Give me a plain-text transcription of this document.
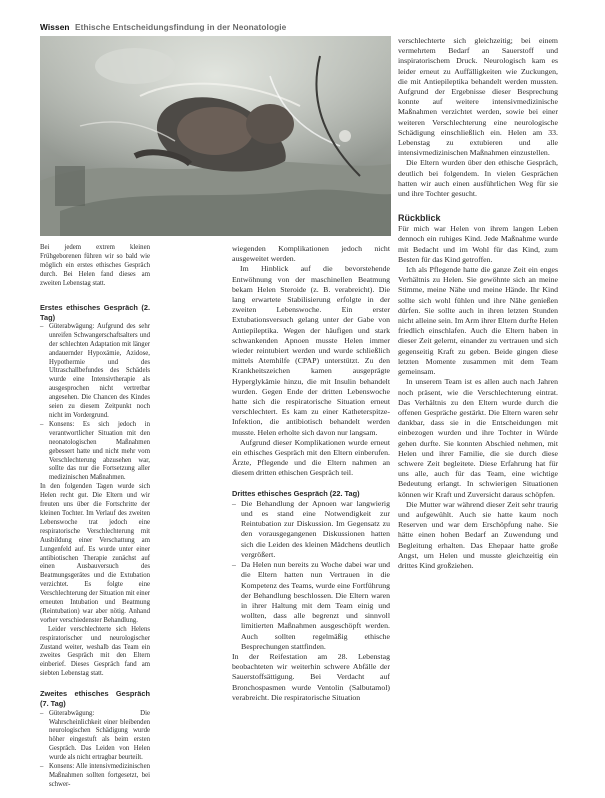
Wissen Ethische Entscheidungsfindung in der Neonatologie

Bei jedem extrem kleinen Frühgeborenen führen wir so bald wie möglich ein erstes ethisches Gespräch durch. Bei Helen fand dieses am zweiten Lebenstag statt.

Erstes ethisches Gespräch (2. Tag)
– Güterabwägung: Aufgrund des sehr unreifen Schwangerschaftsalters und der schlechten Adaptation mit länger andauernder Hypoxämie, Azidose, Hypothermie und des Ultraschallbefundes des Schädels wurde eine Intensivtherapie als ausgesprochen nicht vertretbar angesehen. Die Chancen des Kindes seien zu diesem Zeitpunkt noch nicht im Vordergrund.
– Konsens: Es sich jedoch in verantwortlicher Situation mit den neonatologischen Maßnahmen gebessert hatte und nicht mehr vom Verschlechterung abzusehen war, sollte das nur die Fortsetzung aller medizinischen Maßnahmen.

In den folgenden Tagen wurde sich Helen recht gut. Die Eltern und wir freuten uns über die Fortschritte der kleinen Tochter. Im Verlauf des zweiten Lebenswoche trat jedoch eine respiratorische Verschlechterung mit Ausbildung einer Verschattung am Lungenfeld auf. Es wurde unter einer antibiotischen Therapie zunächst auf einen Ausbauversuch des Beatmungsgerätes und die Extubation verzichtet. Es folgte eine Verschlechterung der Situation mit einer erneuten Intubation und Beatmung (Reintubation) war aber nötig. Anhand vorher verschiedenster Behandlung.

Leider verschlechterte sich Helens respiratorischer und neurologischer Zustand weiter, weshalb das Team ein zweites Gespräch mit den Eltern einberief. Dieses Gespräch fand am siebten Lebenstag statt.

Zweites ethisches Gespräch (7. Tag)
– Güterabwägung: Die Wahrscheinlichkeit einer bleibenden neurologischen Schädigung wurde höher eingestuft als beim ersten Gespräch. Das Leiden von Helen wurde als nicht ertragbar beurteilt.
– Konsens: Alle intensivmedizinischen Maßnahmen sollten fortgesetzt, bei schwer-

wiegenden Komplikationen jedoch nicht ausgeweitet werden.

Im Hinblick auf die bevorstehende Entwöhnung von der maschinellen Beatmung bekam Helen Steroide (z. B. verabreicht). Die lang erwartete Stabilisierung erfolgte in der zweiten Lebenswoche. Ein erster Extubationsversuch gelang unter der Gabe von Antiepileptika. Wegen der häufigen und stark schwankenden Apnoen musste Helen immer wieder reintubiert werden und wurde schließlich mittels Atemhilfe (CPAP) unterstützt. Zu den Krankheitszeichen kamen ausgeprägte Hyperglykämie hinzu, die mit Insulin behandelt wurden. Gegen Ende der dritten Lebenswoche hatte sich die respiratorische Situation erneut verschlechtert. Es kam zu einer Katheterspitze-Infektion, die antibiotisch behandelt werden musste. Helen erholte sich davon nur langsam.

Aufgrund dieser Komplikationen wurde erneut ein ethisches Gespräch mit den Eltern einberufen. Ärzte, Pflegende und die Eltern nahmen an diesem dritten ethischen Gespräch teil.

Drittes ethisches Gespräch (22. Tag)
– Die Behandlung der Apnoen war langwierig und es stand eine Notwendigkeit zur Reintubation zur Diskussion. Im Gegensatz zu den vorausgegangenen Diskussionen hatten sich die Leiden des kleinen Mädchens deutlich vergrößert.
– Da Helen nun bereits zu Woche dabei war und die Eltern hatten nun Vertrauen in die Kompetenz des Teams, wurde eine Fortführung der Behandlung beschlossen. Die Eltern waren in ihrer Haltung mit dem Team einig und wollten, dass alle begrenzt und sinnvoll limitierten Maßnahmen ausgeschöpft werden. Auch sollten regelmäßig ethische Besprechungen stattfinden.

In der Reifestation am 28. Lebenstag beobachteten wir weiterhin schwere Abfälle der Sauerstoffsättigung. Bei Verdacht auf Bronchospasmen wurde Ventolin (Salbutamol) verabreicht. Die respiratorische Situation

verschlechterte sich gleichzeitig; bei einem vermehrtem Bedarf an Sauerstoff und inspiratorischem Druck. Neurologisch kam es leider erneut zu Auffälligkeiten wie Zuckungen, die mit Antiepileptika behandelt werden mussten. Aufgrund der Ergebnisse dieser Besprechung konnte auf weitere intensivmedizinische Maßnahmen verzichtet werden, sowie bei einer weiteren Verschlechterung eine neurologische Schädigung einschließlich ein. Helen am 33. Lebenstag zu extubieren und alle intensivmedizinischen Maßnahmen einzustellen.

Die Eltern wurden über den ethische Gespräch, deutlich bei folgendem. In vielen Gesprächen hatten wir auch einen ausführlichen Weg für sie und ihre Tochter gesucht.

Rückblick

Für mich war Helen von ihrem langen Leben dennoch ein ruhiges Kind. Jede Maßnahme wurde mit Bedacht und im Wohl für das Kind, zum Besten für das Kind getroffen.

Ich als Pflegende hatte die ganze Zeit ein enges Verhältnis zu Helen. Sie gewöhnte sich an meine Stimme, meine Nähe und meine Hände. Ihr Kind sollte sich wohl fühlen und ihre Nähe genießen dürfen. Sie sollte auch in ihren letzten Stunden nicht alleine sein. Im Arm ihrer Eltern durfte Helen friedlich einschlafen. Auch die Eltern haben in dieser Zeit gelernt, einander zu vertrauen und sich gegenseitig Kraft zu geben. Beide gingen diese letzten Momente zusammen mit dem Team gemeinsam.

In unserem Team ist es allen auch nach Jahren noch präsent, wie die Verschlechterung eintrat. Das Verhältnis zu den Eltern wurde durch die offenen Gespräche gestärkt. Die Eltern waren sehr dankbar, dass sie in die Entscheidungen mit einbezogen wurden und ihre Tochter in Würde gehen durfte. Sie konnten Abschied nehmen, mit Helen und ihrer Familie, die sie durch diese schwere Zeit begleitete. Diese Erfahrung hat für uns alle, auch für das Team, eine wichtige Bedeutung erlangt. In schwierigen Situationen können wir Kraft und Zuversicht daraus schöpfen.

Die Mutter war während dieser Zeit sehr traurig und aufgewühlt. Auch sie hatte kaum noch Reserven und war dem Erschöpfung nahe. Sie hätte einen hohen Bedarf an Zuwendung und Begleitung erhalten. Das Ehepaar hatte große Angst, um Helen und musste gleichzeitig ein drittes Kind großziehen.
